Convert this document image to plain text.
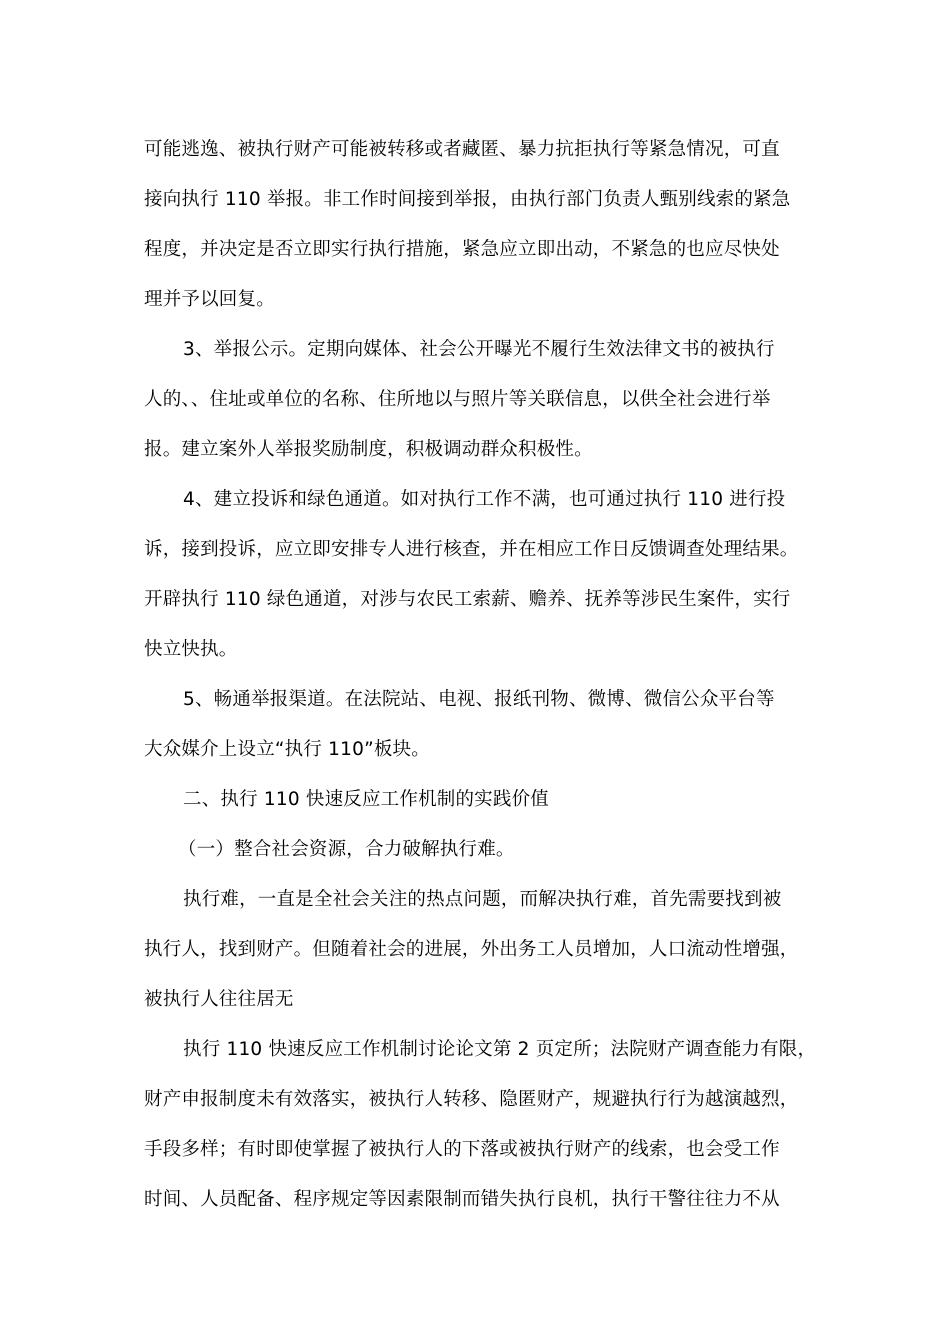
可能逃逸、被执行财产可能被转移或者藏匿、暴力抗拒执行等紧急情况，可直
接向执行 110 举报。非工作时间接到举报，由执行部门负责人甄别线索的紧急
程度，并决定是否立即实行执行措施，紧急应立即出动，不紧急的也应尽快处
理并予以回复。
3、举报公示。定期向媒体、社会公开曝光不履行生效法律文书的被执行
人的、、住址或单位的名称、住所地以与照片等关联信息，以供全社会进行举
报。建立案外人举报奖励制度，积极调动群众积极性。
4、建立投诉和绿色通道。如对执行工作不满，也可通过执行 110 进行投
诉，接到投诉，应立即安排专人进行核查，并在相应工作日反馈调查处理结果。
开辟执行 110 绿色通道，对涉与农民工索薪、赡养、抚养等涉民生案件，实行
快立快执。
5、畅通举报渠道。在法院站、电视、报纸刊物、微博、微信公众平台等
大众媒介上设立“执行 110”板块。
二、执行 110 快速反应工作机制的实践价值
（一）整合社会资源，合力破解执行难。
执行难，一直是全社会关注的热点问题，而解决执行难，首先需要找到被
执行人，找到财产。但随着社会的进展，外出务工人员增加，人口流动性增强，
被执行人往往居无
执行 110 快速反应工作机制讨论论文第 2 页定所；法院财产调查能力有限，
财产申报制度未有效落实，被执行人转移、隐匿财产，规避执行行为越演越烈，
手段多样；有时即使掌握了被执行人的下落或被执行财产的线索，也会受工作
时间、人员配备、程序规定等因素限制而错失执行良机，执行干警往往力不从
